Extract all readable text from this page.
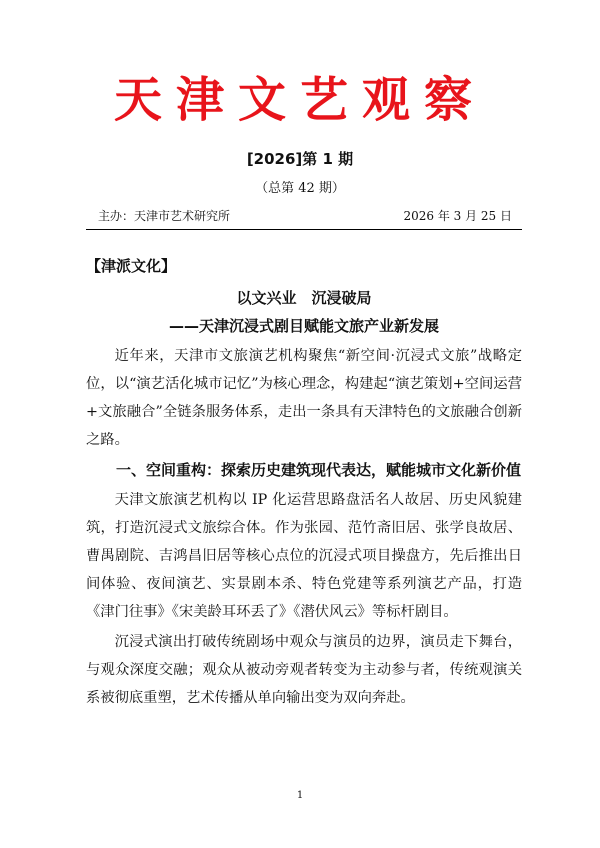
天津文艺观察
[2026]第 1 期
（总第 42 期）
主办：天津市艺术研究所	2026 年 3 月 25 日
【津派文化】
以文兴业　沉浸破局
——天津沉浸式剧目赋能文旅产业新发展

近年来，天津市文旅演艺机构聚焦“新空间·沉浸式文旅”战略定位，以“演艺活化城市记忆”为核心理念，构建起“演艺策划+空间运营+文旅融合”全链条服务体系，走出一条具有天津特色的文旅融合创新之路。

一、空间重构：探索历史建筑现代表达，赋能城市文化新价值

天津文旅演艺机构以 IP 化运营思路盘活名人故居、历史风貌建筑，打造沉浸式文旅综合体。作为张园、范竹斋旧居、张学良故居、曹禺剧院、吉鸿昌旧居等核心点位的沉浸式项目操盘方，先后推出日间体验、夜间演艺、实景剧本杀、特色党建等系列演艺产品，打造《津门往事》《宋美龄耳环丢了》《潜伏风云》等标杆剧目。

沉浸式演出打破传统剧场中观众与演员的边界，演员走下舞台，与观众深度交融；观众从被动旁观者转变为主动参与者，传统观演关系被彻底重塑，艺术传播从单向输出变为双向奔赴。

1
